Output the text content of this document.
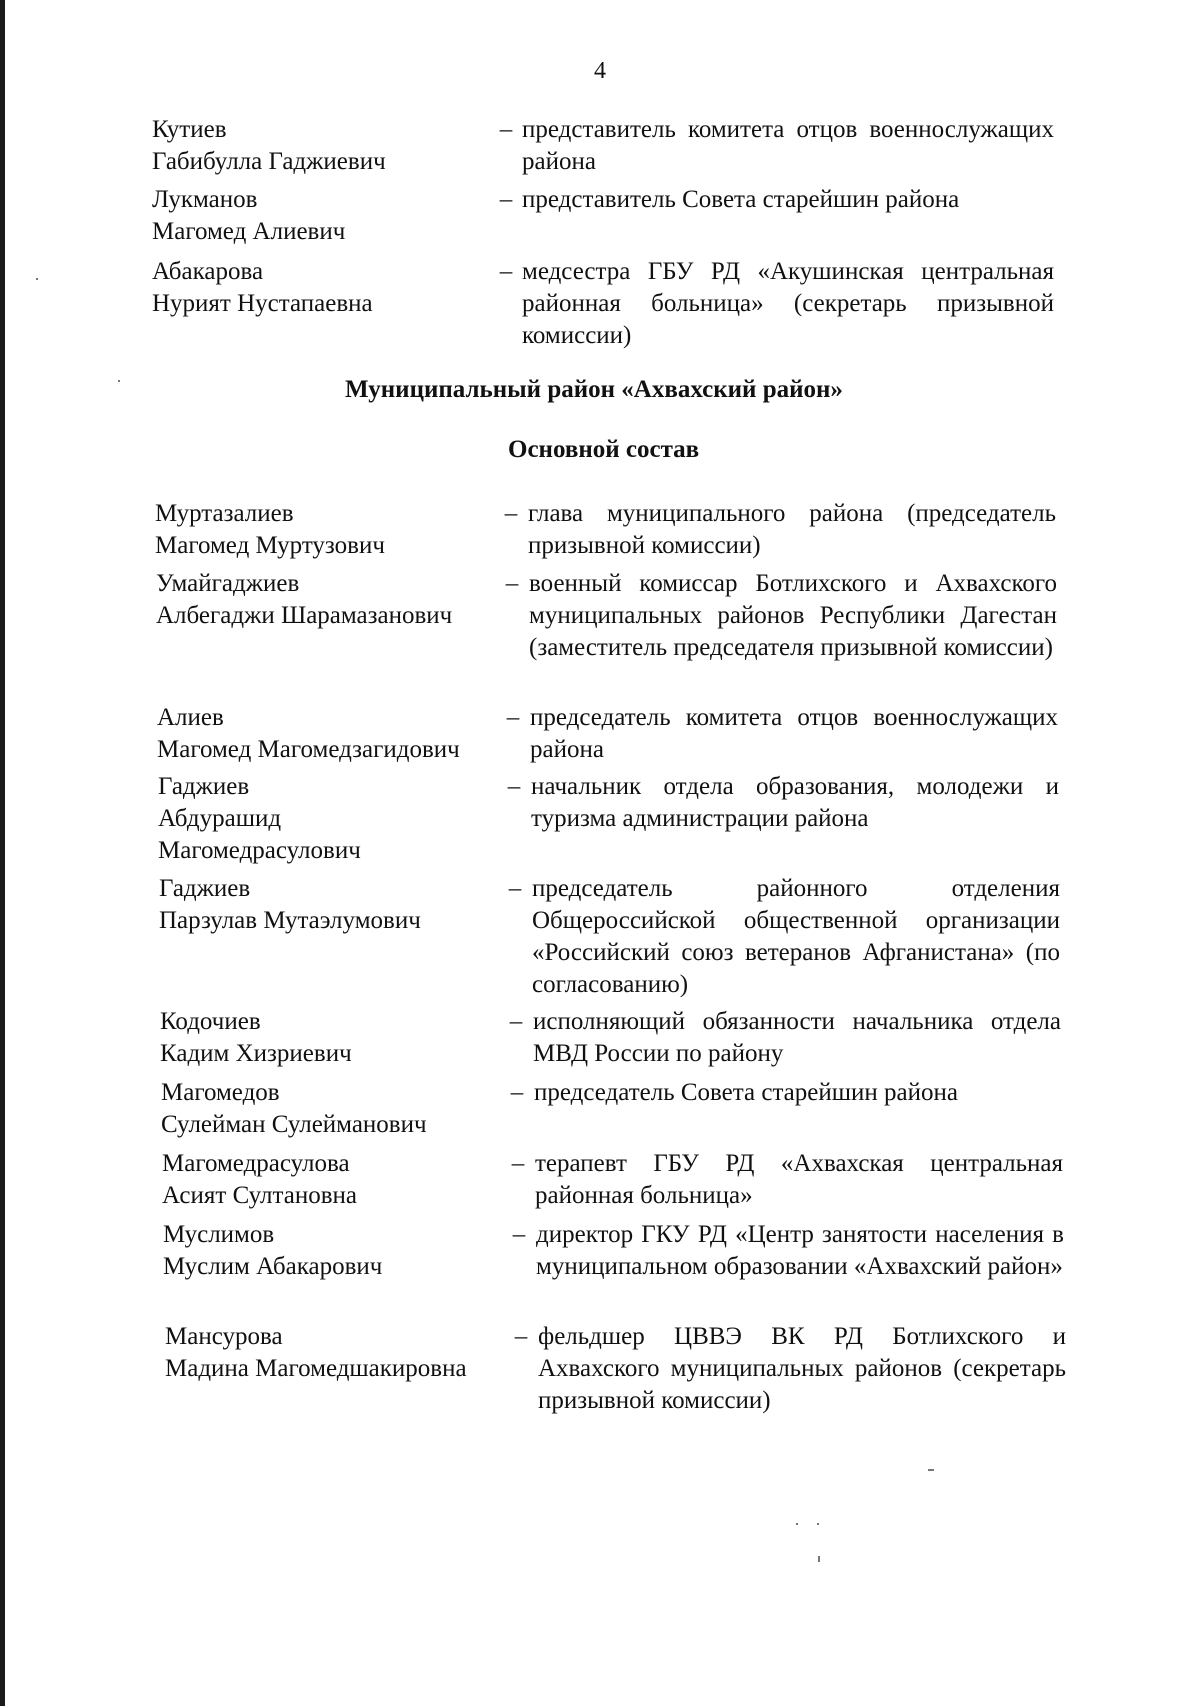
4
Кутиев
Габибулла Гаджиевич
– представитель комитета отцов военнослужащих района
Лукманов
Магомед Алиевич
– представитель Совета старейшин района
Абакарова
Нурият Нустапаевна
– медсестра ГБУ РД «Акушинская центральная районная больница» (секретарь призывной комиссии)
Муниципальный район «Ахвахский район»
Основной состав
Муртазалиев
Магомед Муртузович
– глава муниципального района (председатель призывной комиссии)
Умайгаджиев
Албегаджи Шарамазанович
– военный комиссар Ботлихского и Ахвахского муниципальных районов Республики Дагестан (заместитель председателя призывной комиссии)
Алиев
Магомед Магомедзагидович
– председатель комитета отцов военнослужащих района
Гаджиев
Абдурашид
Магомедрасулович
– начальник отдела образования, молодежи и туризма администрации района
Гаджиев
Парзулав Мутаэлумович
– председатель районного отделения Общероссийской общественной организации «Российский союз ветеранов Афганистана» (по согласованию)
Кодочиев
Кадим Хизриевич
– исполняющий обязанности начальника отдела МВД России по району
Магомедов
Сулейман Сулейманович
– председатель Совета старейшин района
Магомедрасулова
Асият Султановна
– терапевт ГБУ РД «Ахвахская центральная районная больница»
Муслимов
Муслим Абакарович
– директор ГКУ РД «Центр занятости населения в муниципальном образовании «Ахвахский район»
Мансурова
Мадина Магомедшакировна
– фельдшер ЦВВЭ ВК РД Ботлихского и Ахвахского муниципальных районов (секретарь призывной комиссии)
